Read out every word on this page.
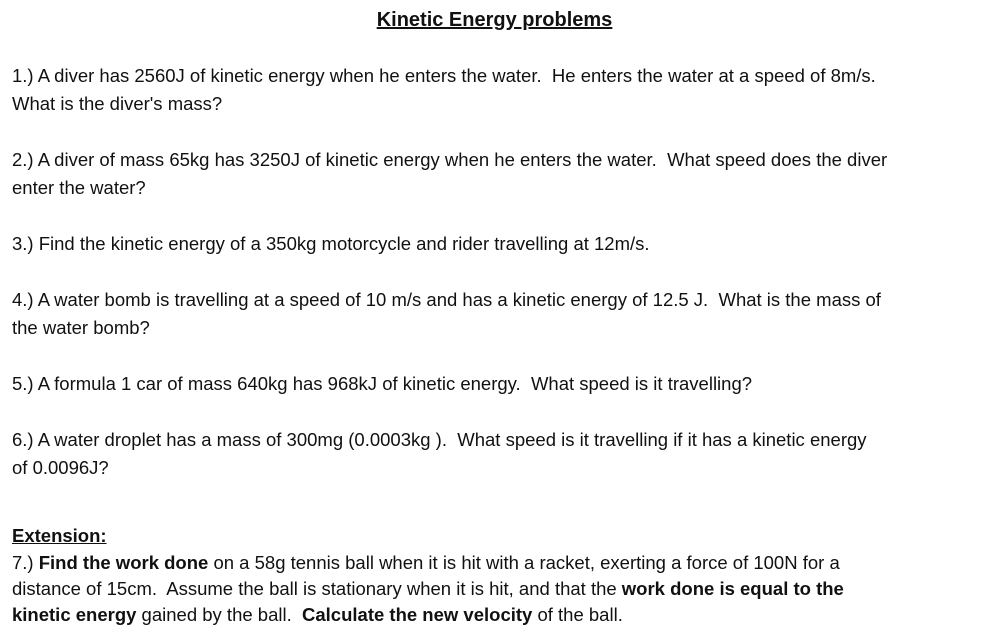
Kinetic Energy problems
1.) A diver has 2560J of kinetic energy when he enters the water.  He enters the water at a speed of 8m/s.
What is the diver's mass?
2.) A diver of mass 65kg has 3250J of kinetic energy when he enters the water.  What speed does the diver
enter the water?
3.) Find the kinetic energy of a 350kg motorcycle and rider travelling at 12m/s.
4.) A water bomb is travelling at a speed of 10 m/s and has a kinetic energy of 12.5 J.  What is the mass of
the water bomb?
5.) A formula 1 car of mass 640kg has 968kJ of kinetic energy.  What speed is it travelling?
6.) A water droplet has a mass of 300mg (0.0003kg ).  What speed is it travelling if it has a kinetic energy
of 0.0096J?

Extension:

7.) Find the work done on a 58g tennis ball when it is hit with a racket, exerting a force of 100N for a
distance of 15cm.  Assume the ball is stationary when it is hit, and that the work done is equal to the
kinetic energy gained by the ball.  Calculate the new velocity of the ball.
